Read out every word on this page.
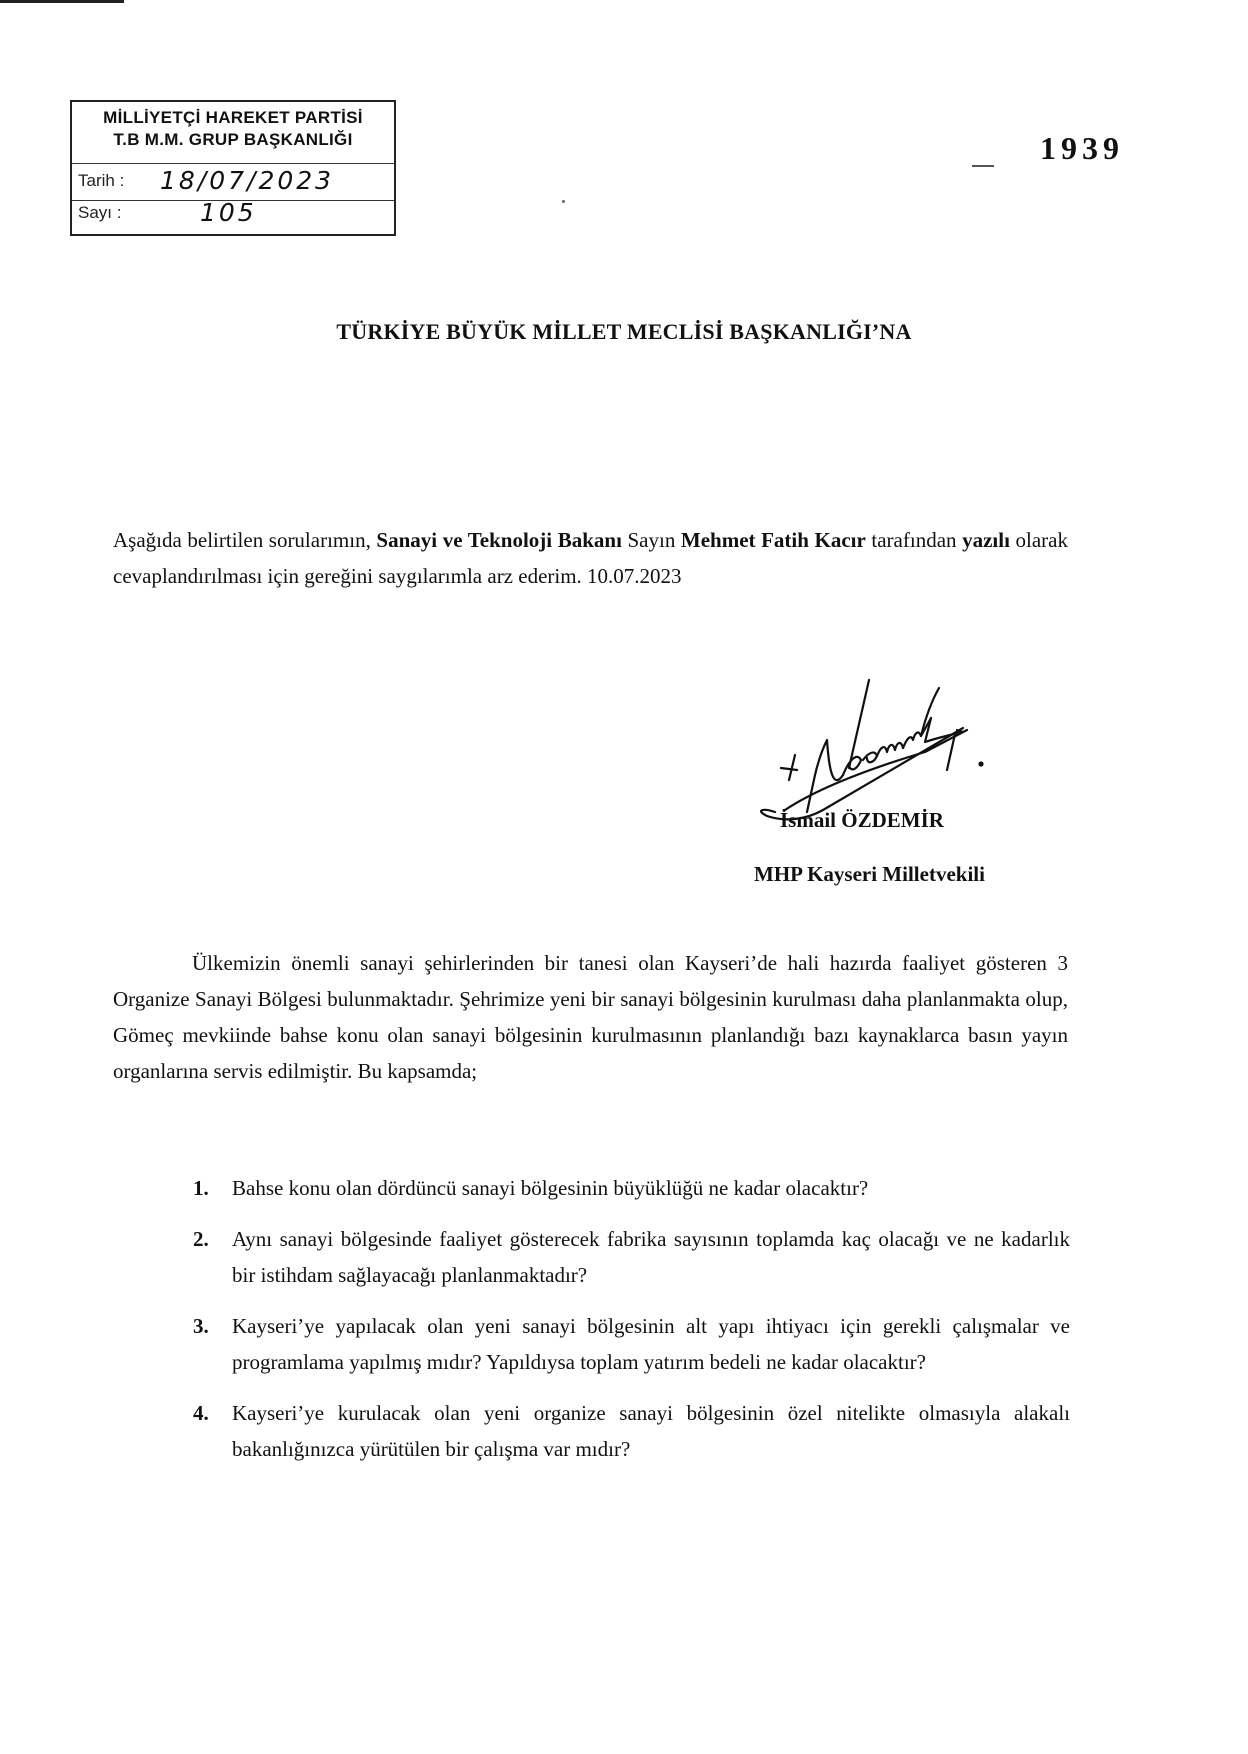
MİLLİYETÇİ HAREKET PARTİSİ
T.B M.M. GRUP BAŞKANLIĞI
Tarih : 18/07/2023
Sayı :	105
1939
TÜRKİYE BÜYÜK MİLLET MECLİSİ BAŞKANLIĞI’NA
Aşağıda belirtilen sorularımın, Sanayi ve Teknoloji Bakanı Sayın Mehmet Fatih Kacır tarafından yazılı olarak cevaplandırılması için gereğini saygılarımla arz ederim. 10.07.2023
İsmail ÖZDEMİR
MHP Kayseri Milletvekili
Ülkemizin önemli sanayi şehirlerinden bir tanesi olan Kayseri’de hali hazırda faaliyet gösteren 3 Organize Sanayi Bölgesi bulunmaktadır. Şehrimize yeni bir sanayi bölgesinin kurulması daha planlanmakta olup, Gömeç mevkiinde bahse konu olan sanayi bölgesinin kurulmasının planlandığı bazı kaynaklarca basın yayın organlarına servis edilmiştir. Bu kapsamda;
1. Bahse konu olan dördüncü sanayi bölgesinin büyüklüğü ne kadar olacaktır?
2. Aynı sanayi bölgesinde faaliyet gösterecek fabrika sayısının toplamda kaç olacağı ve ne kadarlık bir istihdam sağlayacağı planlanmaktadır?
3. Kayseri’ye yapılacak olan yeni sanayi bölgesinin alt yapı ihtiyacı için gerekli çalışmalar ve programlama yapılmış mıdır? Yapıldıysa toplam yatırım bedeli ne kadar olacaktır?
4. Kayseri’ye kurulacak olan yeni organize sanayi bölgesinin özel nitelikte olmasıyla alakalı bakanlığınızca yürütülen bir çalışma var mıdır?
